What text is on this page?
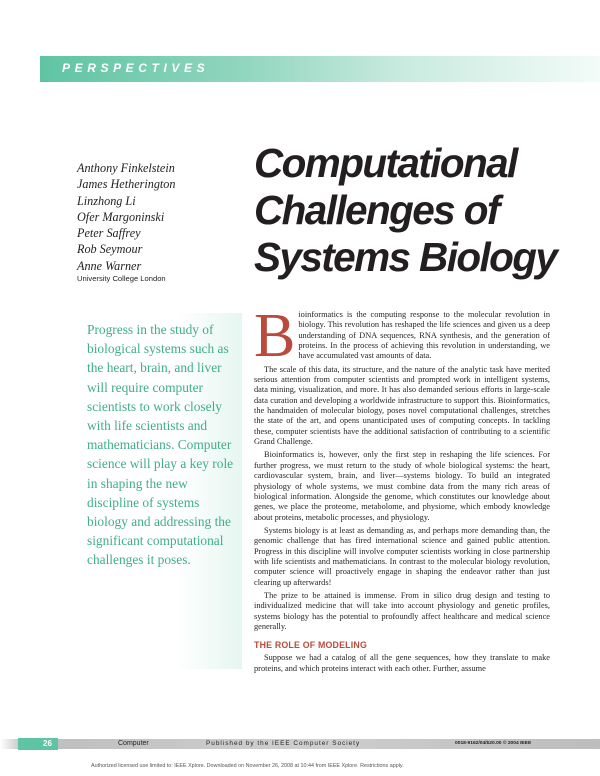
PERSPECTIVES
Anthony Finkelstein
James Hetherington
Linzhong Li
Ofer Margoninski
Peter Saffrey
Rob Seymour
Anne Warner
University College London
Computational
Challenges of
Systems Biology
Progress in the study of biological systems such as the heart, brain, and liver will require computer scientists to work closely with life scientists and mathematicians. Computer science will play a key role in shaping the new discipline of systems biology and addressing the significant computational challenges it poses.

B ioinformatics is the computing response to the molecular revolution in biology. This revolution has reshaped the life sciences and given us a deep understanding of DNA sequences, RNA synthesis, and the generation of proteins. In the process of achieving this revolution in understanding, we have accumulated vast amounts of data.

The scale of this data, its structure, and the nature of the analytic task have merited serious attention from computer scientists and prompted work in intelligent systems, data mining, visualization, and more. It has also demanded serious efforts in large-scale data curation and developing a worldwide infrastructure to support this. Bioinformatics, the handmaiden of molecular biology, poses novel computational challenges, stretches the state of the art, and opens unanticipated uses of computing concepts. In tackling these, computer scientists have the additional satisfaction of contributing to a scientific Grand Challenge.

Bioinformatics is, however, only the first step in reshaping the life sciences. For further progress, we must return to the study of whole biological systems: the heart, cardiovascular system, brain, and liver—systems biology. To build an integrated physiology of whole systems, we must combine data from the many rich areas of biological information. Alongside the genome, which constitutes our knowledge about genes, we place the proteome, metabolome, and physiome, which embody knowledge about proteins, metabolic processes, and physiology.

Systems biology is at least as demanding as, and perhaps more demanding than, the genomic challenge that has fired international science and gained public attention. Progress in this discipline will involve computer scientists working in close partnership with life scientists and mathematicians. In contrast to the molecular biology revolution, computer science will proactively engage in shaping the endeavor rather than just clearing up afterwards!

The prize to be attained is immense. From in silico drug design and testing to individualized medicine that will take into account physiology and genetic profiles, systems biology has the potential to profoundly affect healthcare and medical science generally.

THE ROLE OF MODELING

Suppose we had a catalog of all the gene sequences, how they translate to make proteins, and which proteins interact with each other. Further, assume

26	Computer	Published by the IEEE Computer Society	0018-9162/04/$20.00 © 2004 IEEE
Authorized licensed use limited to: IEEE Xplore. Downloaded on November 26, 2008 at 10:44 from IEEE Xplore. Restrictions apply.
